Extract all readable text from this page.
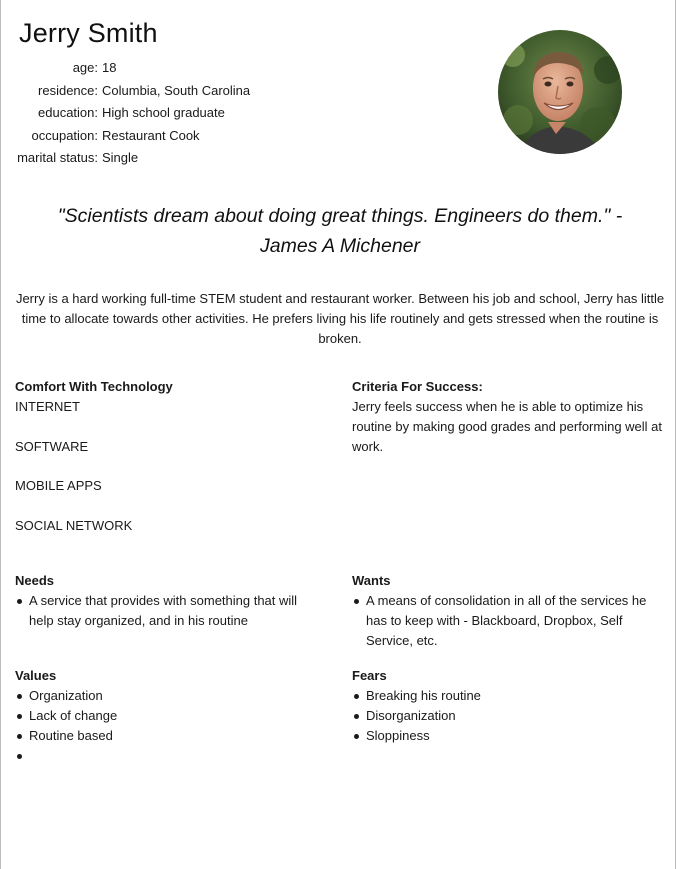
Jerry Smith
age: 18
residence: Columbia, South Carolina
education: High school graduate
occupation: Restaurant Cook
marital status: Single
"Scientists dream about doing great things. Engineers do them." -James A Michener
Jerry is a hard working full-time STEM student and restaurant worker. Between his job and school, Jerry has little time to allocate towards other activities. He prefers living his life routinely and gets stressed when the routine is broken.

Comfort With Technology

INTERNET

SOFTWARE

MOBILE APPS

SOCIAL NETWORK

Criteria For Success:

Jerry feels success when he is able to optimize his routine by making good grades and performing well at work.

Needs

A service that provides with something that will help stay organized, and in his routine

Wants

A means of consolidation in all of the services he has to keep with - Blackboard, Dropbox, Self Service, etc.

Values

Organization
Lack of change
Routine based

Fears

Breaking his routine
Disorganization
Sloppiness
